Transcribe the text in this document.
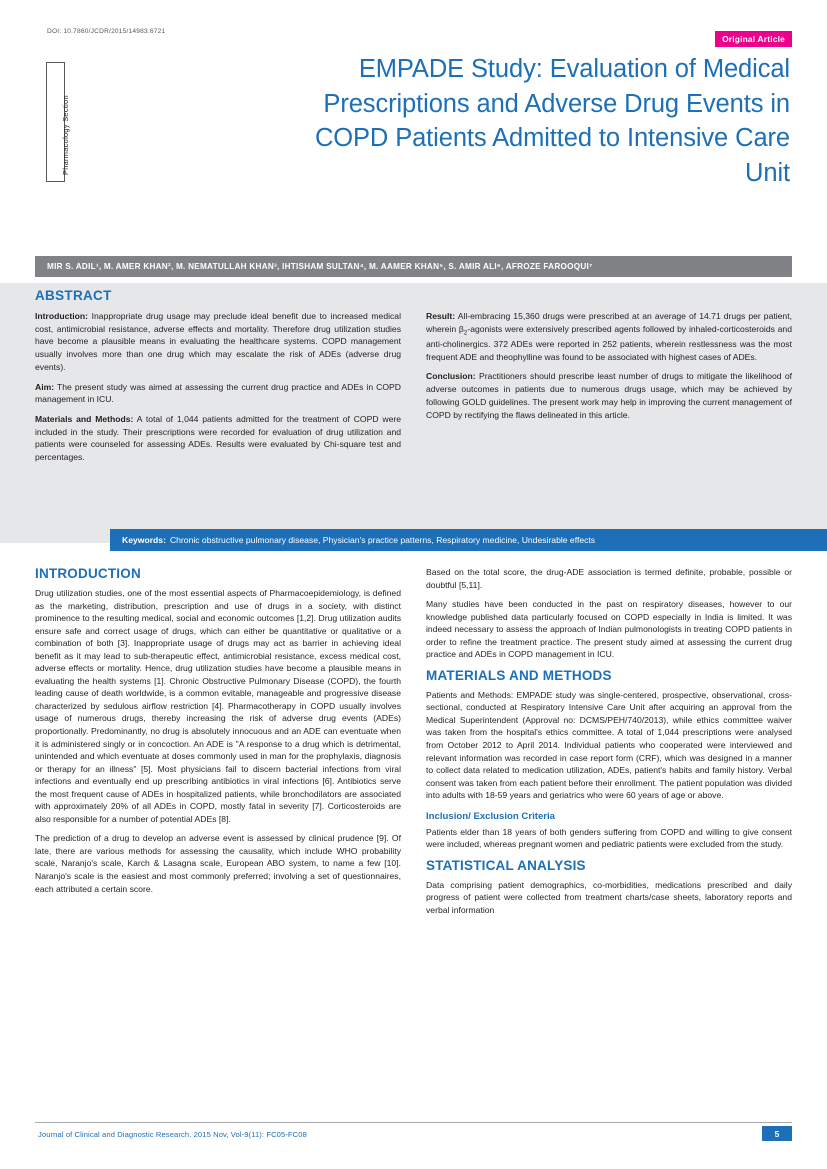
DOI: 10.7860/JCDR/2015/14983.6721
Original Article
Pharmacology Section
EMPADE Study: Evaluation of Medical Prescriptions and Adverse Drug Events in COPD Patients Admitted to Intensive Care Unit
MIR S. ADIL¹, M. AMER KHAN², M. NEMATULLAH KHAN³, IHTISHAM SULTAN⁴, M. AAMER KHAN⁵, S. AMIR ALI⁶, AFROZE FAROOQUI⁷
ABSTRACT

Introduction: Inappropriate drug usage may preclude ideal benefit due to increased medical cost, antimicrobial resistance, adverse effects and mortality. Therefore drug utilization studies have become a plausible means in evaluating the healthcare systems. COPD management usually involves more than one drug which may escalate the risk of ADEs (adverse drug events).

Aim: The present study was aimed at assessing the current drug practice and ADEs in COPD management in ICU.

Materials and Methods: A total of 1,044 patients admitted for the treatment of COPD were included in the study. Their prescriptions were recorded for evaluation of drug utilization and patients were counseled for assessing ADEs. Results were evaluated by Chi-square test and percentages.

Result: All-embracing 15,360 drugs were prescribed at an average of 14.71 drugs per patient, wherein $\beta_2$-agonists were extensively prescribed agents followed by inhaled-corticosteroids and anti-cholinergics. 372 ADEs were reported in 252 patients, wherein restlessness was the most frequent ADE and theophylline was found to be associated with highest cases of ADEs.

Conclusion: Practitioners should prescribe least number of drugs to mitigate the likelihood of adverse outcomes in patients due to numerous drugs usage, which may be achieved by following GOLD guidelines. The present work may help in improving the current management of COPD by rectifying the flaws delineated in this article.

Keywords: Chronic obstructive pulmonary disease, Physician's practice patterns, Respiratory medicine, Undesirable effects
INTRODUCTION

Drug utilization studies, one of the most essential aspects of Pharmacoepidemiology, is defined as the marketing, distribution, prescription and use of drugs in a society, with distinct prominence to the resulting medical, social and economic outcomes [1,2]. Drug utilization audits ensure safe and correct usage of drugs, which can either be quantitative or qualitative or a combination of both [3]. Inappropriate usage of drugs may act as barrier in achieving ideal benefit as it may lead to sub-therapeutic effect, antimicrobial resistance, excess medical cost, adverse effects or mortality. Hence, drug utilization studies have become a plausible means in evaluating the health systems [1]. Chronic Obstructive Pulmonary Disease (COPD), the fourth leading cause of death worldwide, is a common evitable, manageable and progressive disease characterized by sedulous airflow restriction [4]. Pharmacotherapy in COPD usually involves usage of numerous drugs, thereby increasing the risk of adverse drug events (ADEs) proportionally. Predominantly, no drug is absolutely innocuous and an ADE can eventuate when it is administered singly or in concoction. An ADE is "A response to a drug which is detrimental, unintended and which eventuate at doses commonly used in man for the prophylaxis, diagnosis or therapy for an illness" [5]. Most physicians fail to discern bacterial infections from viral infections and eventually end up prescribing antibiotics in viral infections [6]. Antibiotics serve the most frequent cause of ADEs in hospitalized patients, while bronchodilators are associated with approximately 20% of all ADEs in COPD, mostly fatal in severity [7]. Corticosteroids are also responsible for a number of potential ADEs [8].

The prediction of a drug to develop an adverse event is assessed by clinical prudence [9]. Of late, there are various methods for assessing the causality, which include WHO probability scale, Naranjo's scale, Karch & Lasagna scale, European ABO system, to name a few [10]. Naranjo's scale is the easiest and most commonly preferred; involving a set of questionnaires, each attributed a certain score.

Based on the total score, the drug-ADE association is termed definite, probable, possible or doubtful [5,11].

Many studies have been conducted in the past on respiratory diseases, however to our knowledge published data particularly focused on COPD especially in India is limited. It was indeed necessary to assess the approach of Indian pulmonologists in treating COPD patients in order to refine the treatment practice. The present study aimed at assessing the current drug practice and ADEs in COPD management in ICU.

MATERIALS AND METHODS

Patients and Methods: EMPADE study was single-centered, prospective, observational, cross-sectional, conducted at Respiratory Intensive Care Unit after acquiring an approval from the Medical Superintendent (Approval no: DCMS/PEH/740/2013), while ethics committee waiver was taken from the hospital's ethics committee. A total of 1,044 prescriptions were analysed from October 2012 to April 2014. Individual patients who cooperated were interviewed and relevant information was recorded in case report form (CRF), which was designed in a manner to collect data related to medication utilization, ADEs, patient's habits and family history. Verbal consent was taken from each patient before their enrollment. The patient population was divided into adults with 18-59 years and geriatrics who were 60 years of age or above.

Inclusion/ Exclusion Criteria

Patients elder than 18 years of both genders suffering from COPD and willing to give consent were included, whereas pregnant women and pediatric patients were excluded from the study.

STATISTICAL ANALYSIS

Data comprising patient demographics, co-morbidities, medications prescribed and daily progress of patient were collected from treatment charts/case sheets, laboratory reports and verbal information

Journal of Clinical and Diagnostic Research. 2015 Nov, Vol-9(11): FC05-FC08	5
